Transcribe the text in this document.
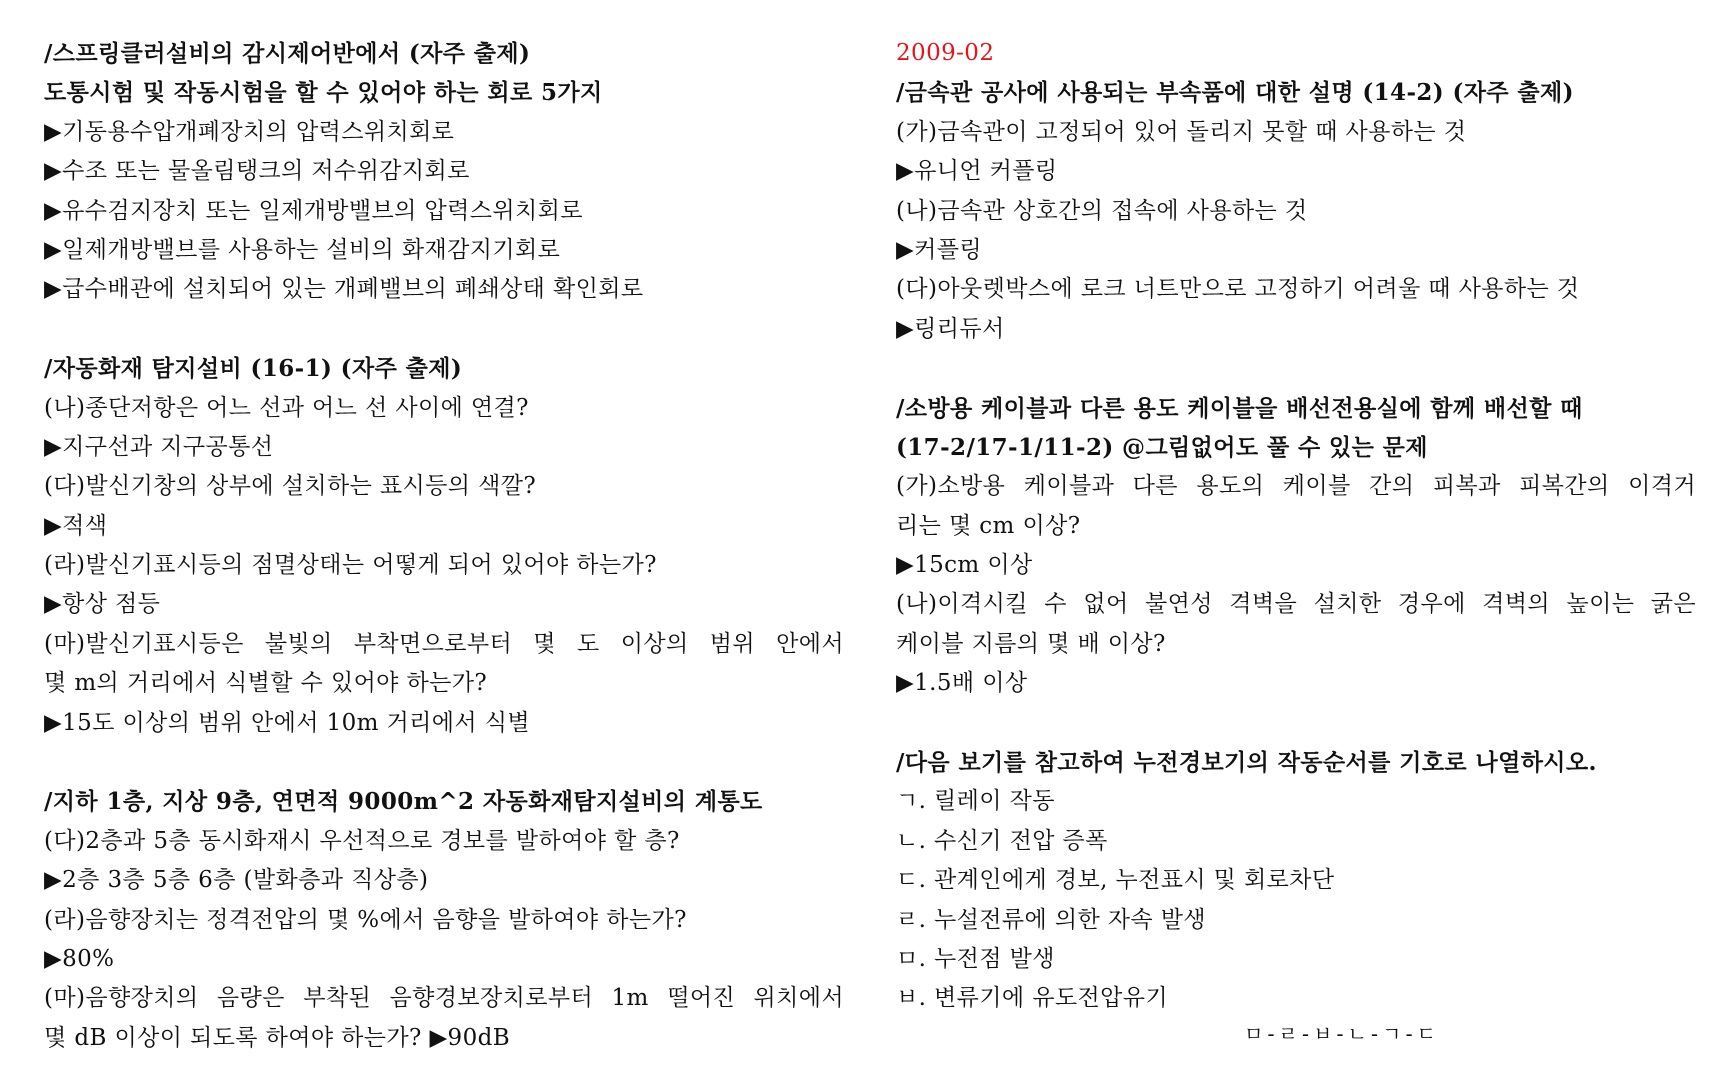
/스프링클러설비의 감시제어반에서 (자주 출제)
도통시험 및 작동시험을 할 수 있어야 하는 회로 5가지
▶기동용수압개폐장치의 압력스위치회로
▶수조 또는 물올림탱크의 저수위감지회로
▶유수검지장치 또는 일제개방밸브의 압력스위치회로
▶일제개방밸브를 사용하는 설비의 화재감지기회로
▶급수배관에 설치되어 있는 개폐밸브의 폐쇄상태 확인회로
/자동화재 탐지설비 (16-1) (자주 출제)
(나)종단저항은 어느 선과 어느 선 사이에 연결?
▶지구선과 지구공통선
(다)발신기창의 상부에 설치하는 표시등의 색깔?
▶적색
(라)발신기표시등의 점멸상태는 어떻게 되어 있어야 하는가?
▶항상 점등
(마)발신기표시등은 불빛의 부착면으로부터 몇 도 이상의 범위 안에서
몇 m의 거리에서 식별할 수 있어야 하는가?
▶15도 이상의 범위 안에서 10m 거리에서 식별
/지하 1층, 지상 9층, 연면적 9000m^2 자동화재탐지설비의 계통도
(다)2층과 5층 동시화재시 우선적으로 경보를 발하여야 할 층?
▶2층 3층 5층 6층 (발화층과 직상층)
(라)음향장치는 정격전압의 몇 %에서 음향을 발하여야 하는가?
▶80%
(마)음향장치의 음량은 부착된 음향경보장치로부터 1m 떨어진 위치에서
몇 dB 이상이 되도록 하여야 하는가? ▶90dB
2009-02
/금속관 공사에 사용되는 부속품에 대한 설명 (14-2) (자주 출제)
(가)금속관이 고정되어 있어 돌리지 못할 때 사용하는 것
▶유니언 커플링
(나)금속관 상호간의 접속에 사용하는 것
▶커플링
(다)아웃렛박스에 로크 너트만으로 고정하기 어려울 때 사용하는 것
▶링리듀서
/소방용 케이블과 다른 용도 케이블을 배선전용실에 함께 배선할 때
(17-2/17-1/11-2) @그림없어도 풀 수 있는 문제
(가)소방용 케이블과 다른 용도의 케이블 간의 피복과 피복간의 이격거
리는 몇 cm 이상?
▶15cm 이상
(나)이격시킬 수 없어 불연성 격벽을 설치한 경우에 격벽의 높이는 굵은
케이블 지름의 몇 배 이상?
▶1.5배 이상
/다음 보기를 참고하여 누전경보기의 작동순서를 기호로 나열하시오.
ㄱ. 릴레이 작동
ㄴ. 수신기 전압 증폭
ㄷ. 관계인에게 경보, 누전표시 및 회로차단
ㄹ. 누설전류에 의한 자속 발생
ㅁ. 누전점 발생
ㅂ. 변류기에 유도전압유기
ㅁ-ㄹ-ㅂ-ㄴ-ㄱ-ㄷ
